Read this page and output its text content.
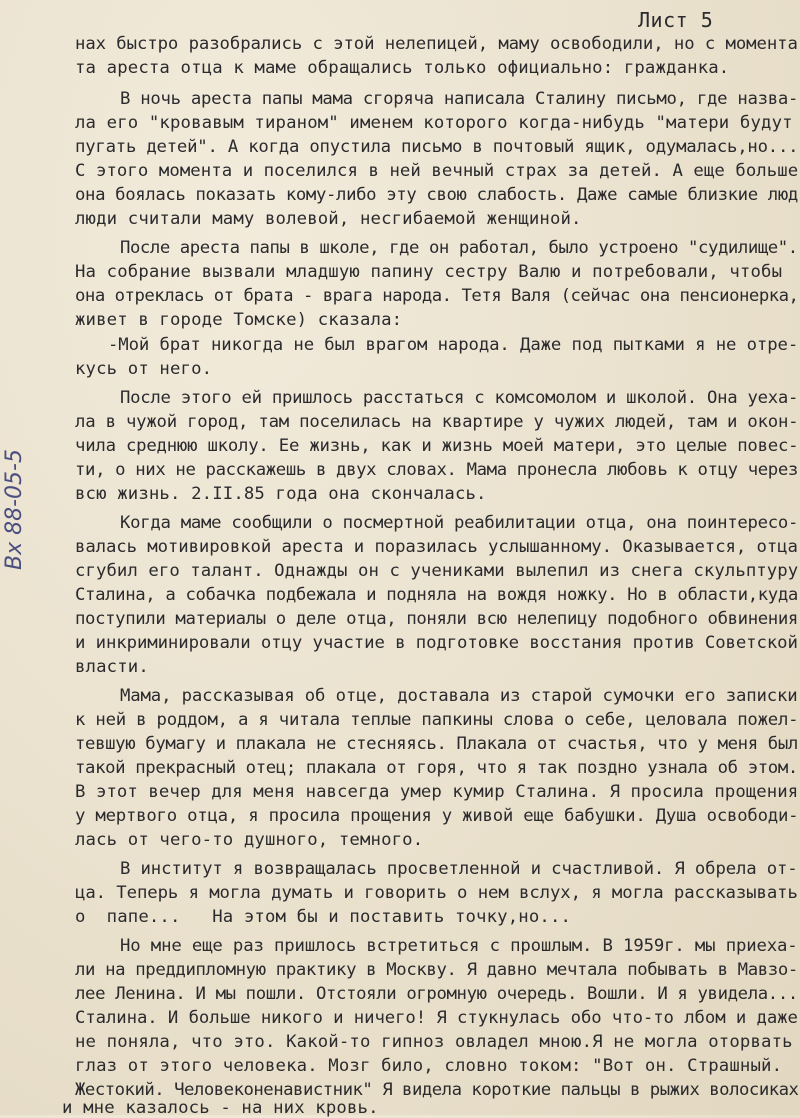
Лист 5
Вх 88-05-5
нах быстро разобрались с этой нелепицей, маму освободили, но с момента
та ареста отца к маме обращались только официально: гражданка.
В ночь ареста папы мама сгоряча написала Сталину письмо, где назва-
ла его "кровавым тираном" именем которого когда-нибудь "матери будут
пугать детей". А когда опустила письмо в почтовый ящик, одумалась,но...
С этого момента и поселился в ней вечный страх за детей. А еще больше
она боялась показать кому-либо эту свою слабость. Даже самые близкие люд
люди считали маму волевой, несгибаемой женщиной.
После ареста папы в школе, где он работал, было устроено "судилище".
На собрание вызвали младшую папину сестру Валю и потребовали, чтобы
она отреклась от брата - врага народа. Тетя Валя (сейчас она пенсионерка,
живет в городе Томске) сказала:
-Мой брат никогда не был врагом народа. Даже под пытками я не отре-
кусь от него.
После этого ей пришлось расстаться с комсомолом и школой. Она уеха-
ла в чужой город, там поселилась на квартире у чужих людей, там и окон-
чила среднюю школу. Ее жизнь, как и жизнь моей матери, это целые повес-
ти, о них не расскажешь в двух словах. Мама пронесла любовь к отцу через
всю жизнь. 2.II.85 года она скончалась.
Когда маме сообщили о посмертной реабилитации отца, она поинтересо-
валась мотивировкой ареста и поразилась услышанному. Оказывается, отца
сгубил его талант. Однажды он с учениками вылепил из снега скульптуру
Сталина, а собачка подбежала и подняла на вождя ножку. Но в области,куда
поступили материалы о деле отца, поняли всю нелепицу подобного обвинения
и инкриминировали отцу участие в подготовке восстания против Советской
власти.
Мама, рассказывая об отце, доставала из старой сумочки его записки
к ней в роддом, а я читала теплые папкины слова о себе, целовала пожел-
тевшую бумагу и плакала не стесняясь. Плакала от счастья, что у меня был
такой прекрасный отец; плакала от горя, что я так поздно узнала об этом.
В этот вечер для меня навсегда умер кумир Сталина. Я просила прощения
у мертвого отца, я просила прощения у живой еще бабушки. Душа освободи-
лась от чего-то душного, темного.
В институт я возвращалась просветленной и счастливой. Я обрела от-
ца. Теперь я могла думать и говорить о нем вслух, я могла рассказывать
о  папе...   На этом бы и поставить точку,но...
Но мне еще раз пришлось встретиться с прошлым. В 1959г. мы приеха-
ли на преддипломную практику в Москву. Я давно мечтала побывать в Мавзо-
лее Ленина. И мы пошли. Отстояли огромную очередь. Вошли. И я увидела...
Сталина. И больше никого и ничего! Я стукнулась обо что-то лбом и даже
не поняла, что это. Какой-то гипноз овладел мною.Я не могла оторвать
глаз от этого человека. Мозг било, словно током: "Вот он. Страшный.
Жестокий. Человеконенавистник" Я видела короткие пальцы в рыжих волосиках
и мне казалось - на них кровь.
